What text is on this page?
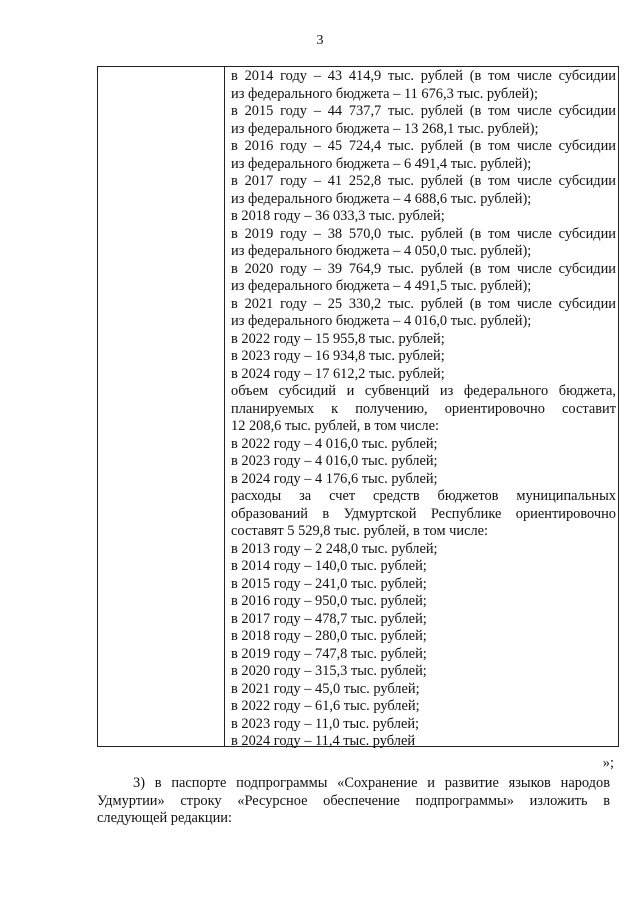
3
в 2014 году – 43 414,9 тыс. рублей (в том числе субсидии
из федерального бюджета – 11 676,3 тыс. рублей);
в 2015 году – 44 737,7 тыс. рублей (в том числе субсидии
из федерального бюджета – 13 268,1 тыс. рублей);
в 2016 году – 45 724,4 тыс. рублей (в том числе субсидии
из федерального бюджета – 6 491,4 тыс. рублей);
в 2017 году – 41 252,8 тыс. рублей (в том числе субсидии
из федерального бюджета – 4 688,6 тыс. рублей);
в 2018 году – 36 033,3 тыс. рублей;
в 2019 году – 38 570,0 тыс. рублей (в том числе субсидии
из федерального бюджета – 4 050,0 тыс. рублей);
в 2020 году – 39 764,9 тыс. рублей (в том числе субсидии
из федерального бюджета – 4 491,5 тыс. рублей);
в 2021 году – 25 330,2 тыс. рублей (в том числе субсидии
из федерального бюджета – 4 016,0 тыс. рублей);
в 2022 году – 15 955,8 тыс. рублей;
в 2023 году – 16 934,8 тыс. рублей;
в 2024 году – 17 612,2 тыс. рублей;
объем субсидий и субвенций из федерального бюджета,
планируемых к получению, ориентировочно составит
12 208,6 тыс. рублей, в том числе:
в 2022 году – 4 016,0 тыс. рублей;
в 2023 году – 4 016,0 тыс. рублей;
в 2024 году – 4 176,6 тыс. рублей;
расходы за счет средств бюджетов муниципальных
образований в Удмуртской Республике ориентировочно
составят 5 529,8 тыс. рублей, в том числе:
в 2013 году – 2 248,0 тыс. рублей;
в 2014 году – 140,0 тыс. рублей;
в 2015 году – 241,0 тыс. рублей;
в 2016 году – 950,0 тыс. рублей;
в 2017 году – 478,7 тыс. рублей;
в 2018 году – 280,0 тыс. рублей;
в 2019 году – 747,8 тыс. рублей;
в 2020 году – 315,3 тыс. рублей;
в 2021 году – 45,0 тыс. рублей;
в 2022 году – 61,6 тыс. рублей;
в 2023 году – 11,0 тыс. рублей;
в 2024 году – 11,4 тыс. рублей
»;
3) в паспорте подпрограммы «Сохранение и развитие языков народов
Удмуртии» строку «Ресурсное обеспечение подпрограммы» изложить в
следующей редакции:
